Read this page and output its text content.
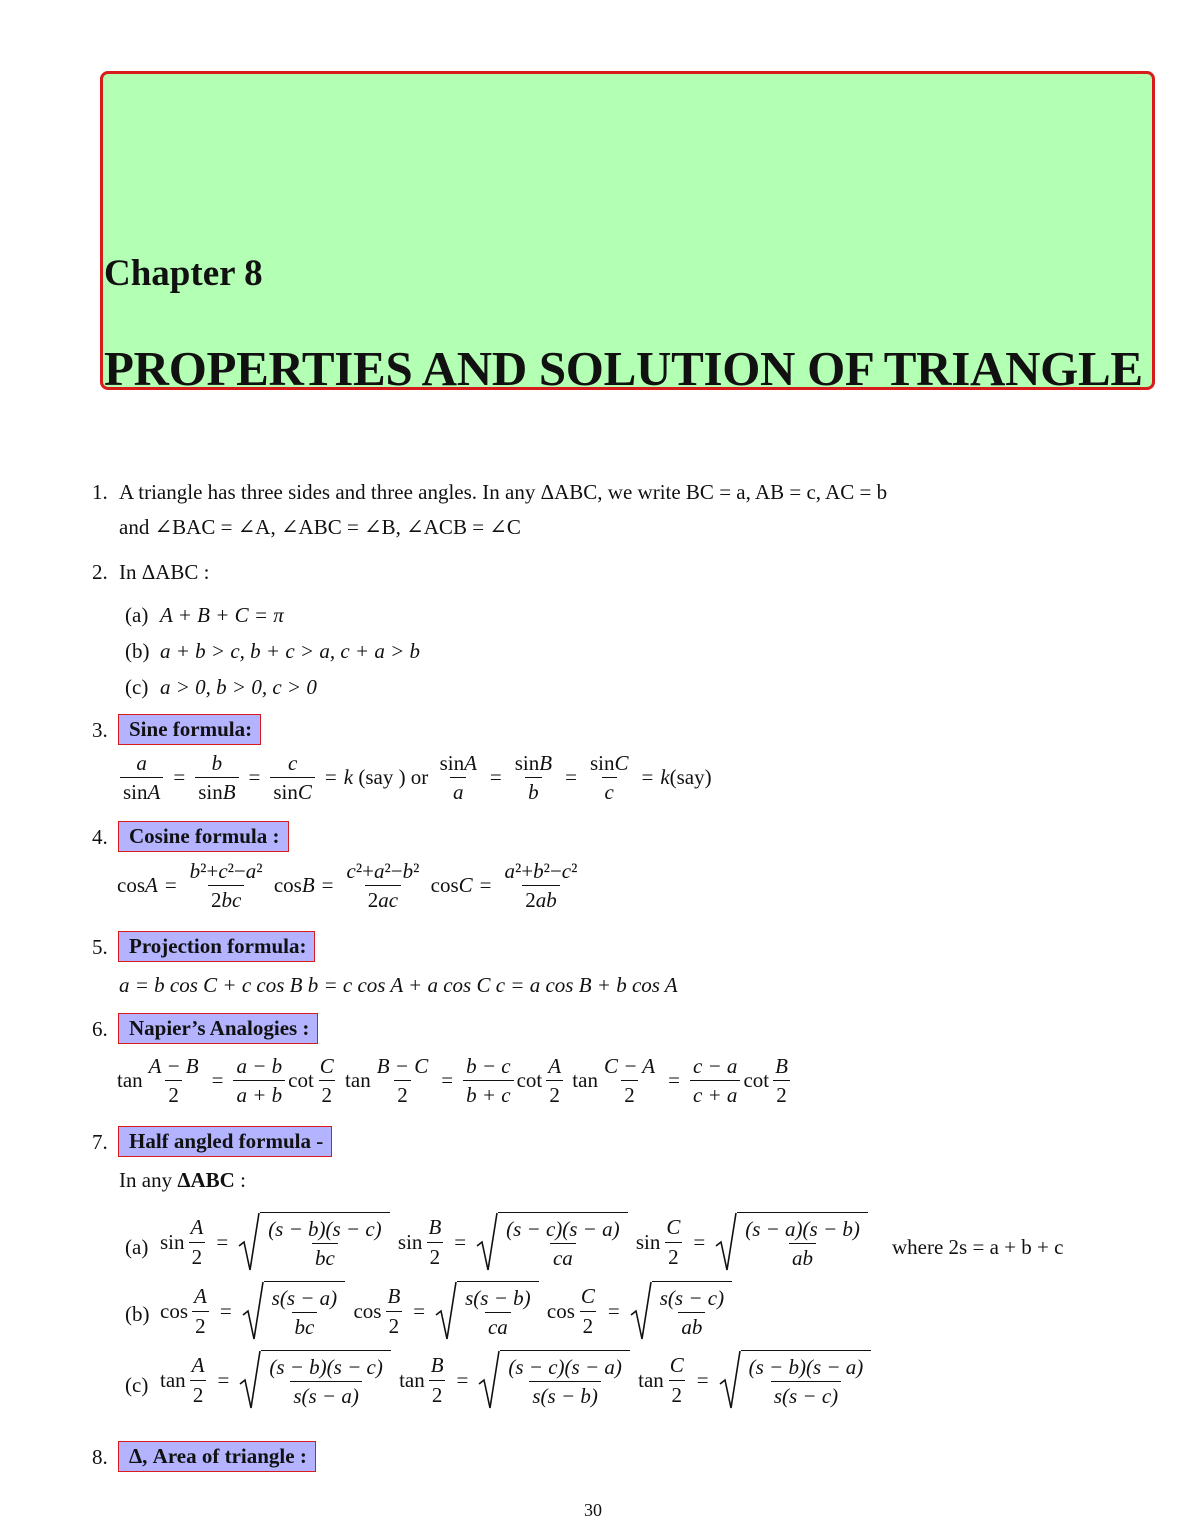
Chapter 8
PROPERTIES AND SOLUTION OF TRIANGLE
1. A triangle has three sides and three angles. In any ΔABC, we write BC = a, AB = c, AC = b
and ∠BAC = ∠A, ∠ABC = ∠B, ∠ACB = ∠C
2. In ΔABC :
(a) A + B + C = π
(b) a + b > c, b + c > a, c + a > b
(c) a > 0, b > 0, c > 0
3.	Sine formula:
$\frac{a}{\sin A} = \frac{b}{\sin B} = \frac{c}{\sin C} = k$ (say ) or $\frac{\sin A}{a} = \frac{\sin B}{b} = \frac{\sin C}{c} = k$ (say)
4.	Cosine formula :
$\cos A = \frac{\text{b²+c²−a²}}{2bc}$ $\cos B = \frac{\text{c²+a²−b²}}{2ac}$ $\cos C = \frac{\text{a²+b²−c²}}{2ab}$
5.	Projection formula:
a = b cos C + c cos B b = c cos A + a cos C c = a cos B + b cos A
6.	Napier’s Analogies :
$\tan \frac{A - B}{2} = \frac{a - b}{a + b}$ $\cot \frac{C}{2}$ $\tan \frac{B - C}{2} = \frac{b - c}{b + c}$ $\cot \frac{A}{2}$ $\tan \frac{C - A}{2} = \frac{c - a}{c + a}$ $\cot \frac{B}{2}$
7.	Half angled formula -
In any ΔABC :
(a) $\sin \frac{A}{2} = \frac{(s - b)(s - c)}{bc}$ $\sin \frac{B}{2} = \frac{(s - c)(s - a)}{ca}$ $\sin \frac{C}{2} = \frac{(s - a)(s - b)}{ab}$ where 2s = a + b + c
(b) $\cos \frac{A}{2} = \frac{s(s - a)}{bc}$ $\cos \frac{B}{2} = \frac{s(s - b)}{ca}$ $\cos \frac{C}{2} = \frac{s(s - c)}{ab}$
(c) $\tan \frac{A}{2} = \frac{(s - b)(s - c)}{s(s - a)}$ $\tan \frac{B}{2} = \frac{(s - c)(s - a)}{s(s - b)}$ $\tan \frac{C}{2} = \frac{(s - b)(s - a)}{s(s - c)}$
8.	Δ, Area of triangle :
30
